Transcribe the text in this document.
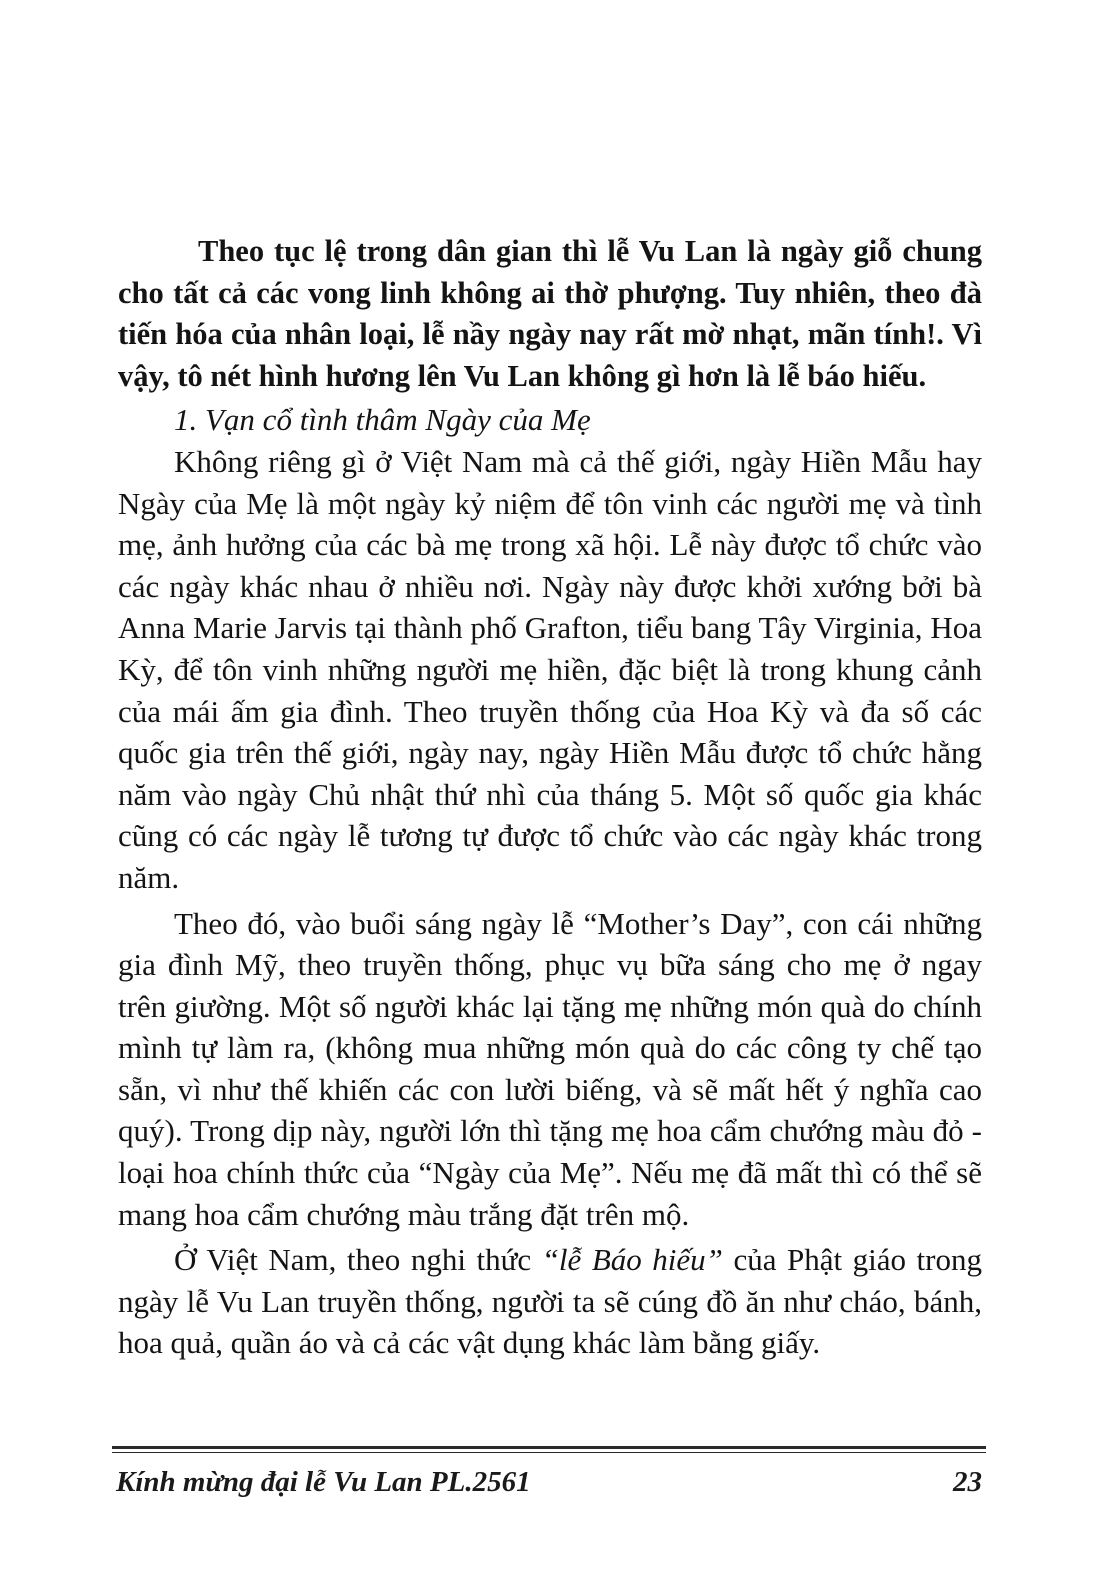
Theo tục lệ trong dân gian thì lễ Vu Lan là ngày giỗ chung cho tất cả các vong linh không ai thờ phượng. Tuy nhiên, theo đà tiến hóa của nhân loại, lễ nầy ngày nay rất mờ nhạt, mãn tính!. Vì vậy, tô nét hình hương lên Vu Lan không gì hơn là lễ báo hiếu.

1. Vạn cổ tình thâm Ngày của Mẹ

Không riêng gì ở Việt Nam mà cả thế giới, ngày Hiền Mẫu hay Ngày của Mẹ là một ngày kỷ niệm để tôn vinh các người mẹ và tình mẹ, ảnh hưởng của các bà mẹ trong xã hội. Lễ này được tổ chức vào các ngày khác nhau ở nhiều nơi. Ngày này được khởi xướng bởi bà Anna Marie Jarvis tại thành phố Grafton, tiểu bang Tây Virginia, Hoa Kỳ, để tôn vinh những người mẹ hiền, đặc biệt là trong khung cảnh của mái ấm gia đình. Theo truyền thống của Hoa Kỳ và đa số các quốc gia trên thế giới, ngày nay, ngày Hiền Mẫu được tổ chức hằng năm vào ngày Chủ nhật thứ nhì của tháng 5. Một số quốc gia khác cũng có các ngày lễ tương tự được tổ chức vào các ngày khác trong năm.

Theo đó, vào buổi sáng ngày lễ “Mother’s Day”, con cái những gia đình Mỹ, theo truyền thống, phục vụ bữa sáng cho mẹ ở ngay trên giường. Một số người khác lại tặng mẹ những món quà do chính mình tự làm ra, (không mua những món quà do các công ty chế tạo sẵn, vì như thế khiến các con lười biếng, và sẽ mất hết ý nghĩa cao quý). Trong dịp này, người lớn thì tặng mẹ hoa cẩm chướng màu đỏ - loại hoa chính thức của “Ngày của Mẹ”. Nếu mẹ đã mất thì có thể sẽ mang hoa cẩm chướng màu trắng đặt trên mộ.

Ở Việt Nam, theo nghi thức “lễ Báo hiếu” của Phật giáo trong ngày lễ Vu Lan truyền thống, người ta sẽ cúng đồ ăn như cháo, bánh, hoa quả, quần áo và cả các vật dụng khác làm bằng giấy.

Kính mừng đại lễ Vu Lan PL.2561	23
